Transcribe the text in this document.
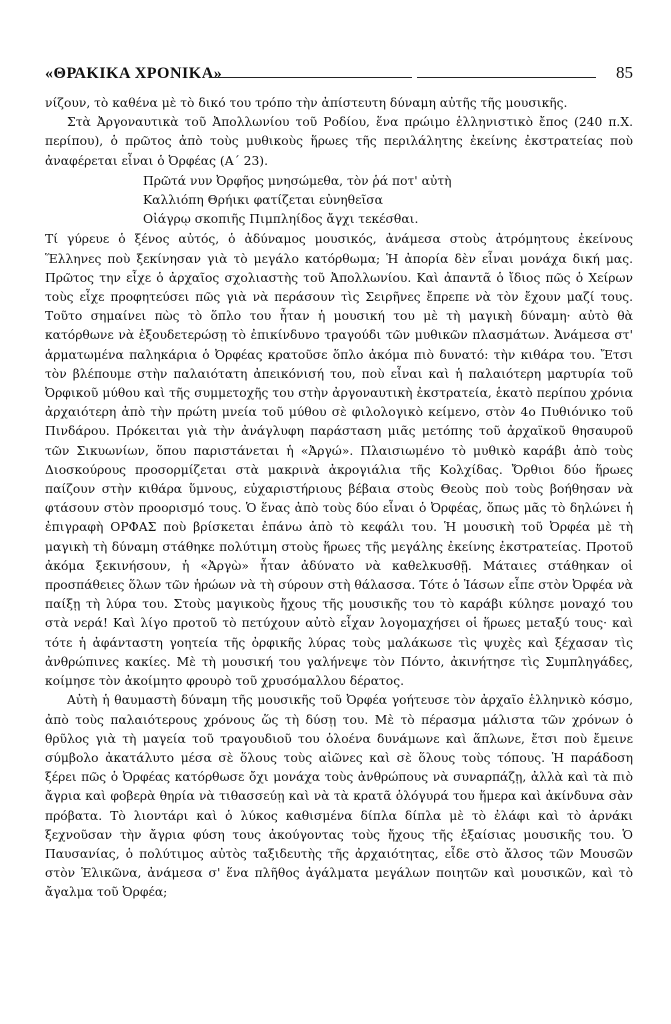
«ΘΡΑΚΙΚΑ ΧΡΟΝΙΚΑ»	85

νίζουν, τὸ καθένα μὲ τὸ δικό του τρόπο τὴν ἀπίστευτη δύναμη αὐτῆς τῆς μουσικῆς.

Στὰ Ἀργοναυτικὰ τοῦ Ἀπολλωνίου τοῦ Ροδίου, ἕνα πρώιμο ἑλληνιστικὸ ἔπος (240 π.Χ. περίπου), ὁ πρῶτος ἀπὸ τοὺς μυθικοὺς ἥρωες τῆς περιλάλητης ἐκείνης ἐκστρατείας ποὺ ἀναφέρεται εἶναι ὁ Ὀρφέας (Α΄ 23).

Πρῶτά νυν Ὀρφῆος μνησώμεθα, τὸν ῥά ποτ' αὐτὴ

Καλλιόπη Θρήικι φατίζεται εὐνηθεῖσα

Οἰάγρῳ σκοπιῆς Πιμπληίδος ἄγχι τεκέσθαι.

Τί γύρευε ὁ ξένος αὐτός, ὁ ἀδύναμος μουσικός, ἀνάμεσα στοὺς ἀτρόμητους ἐκείνους Ἕλληνες ποὺ ξεκίνησαν γιὰ τὸ μεγάλο κατόρθωμα; Ἡ ἀπορία δὲν εἶναι μονάχα δική μας. Πρῶτος την εἶχε ὁ ἀρχαῖος σχολιαστὴς τοῦ Ἀπολλωνίου. Καὶ ἀπαντᾶ ὁ ἴδιος πῶς ὁ Χείρων τοὺς εἶχε προφητεύσει πῶς γιὰ νὰ περάσουν τὶς Σειρῆνες ἔπρεπε νὰ τὸν ἔχουν μαζί τους. Τοῦτο σημαίνει πὼς τὸ ὅπλο του ἦταν ἡ μουσική του μὲ τὴ μαγικὴ δύναμη· αὐτὸ θὰ κατόρθωνε νὰ ἐξουδετερώσῃ τὸ ἐπικίνδυνο τραγούδι τῶν μυθικῶν πλασμάτων. Ἀνάμεσα στ' ἁρματωμένα παληκάρια ὁ Ὀρφέας κρατοῦσε ὅπλο ἀκόμα πιὸ δυνατό: τὴν κιθάρα του. Ἔτσι τὸν βλέπουμε στὴν παλαιότατη ἀπεικόνισή του, ποὺ εἶναι καὶ ἡ παλαιότερη μαρτυρία τοῦ Ὀρφικοῦ μύθου καὶ τῆς συμμετοχῆς του στὴν ἀργοναυτικὴ ἐκστρατεία, ἑκατὸ περίπου χρόνια ἀρχαιότερη ἀπὸ τὴν πρώτη μνεία τοῦ μύθου σὲ φιλολογικὸ κείμενο, στὸν 4ο Πυθιόνικο τοῦ Πινδάρου. Πρόκειται γιὰ τὴν ἀνάγλυφη παράσταση μιᾶς μετόπης τοῦ ἀρχαϊκοῦ θησαυροῦ τῶν Σικυωνίων, ὅπου παριστάνεται ἡ «Ἀργώ». Πλαισιωμένο τὸ μυθικὸ καράβι ἀπὸ τοὺς Διοσκούρους προσορμίζεται στὰ μακρινὰ ἀκρογιάλια τῆς Κολχίδας. Ὄρθιοι δύο ἥρωες παίζουν στὴν κιθάρα ὕμνους, εὐχαριστήριους βέβαια στοὺς Θεοὺς ποὺ τοὺς βοήθησαν νὰ φτάσουν στὸν προορισμό τους. Ὁ ἕνας ἀπὸ τοὺς δύο εἶναι ὁ Ὀρφέας, ὅπως μᾶς τὸ δηλώνει ἡ ἐπιγραφὴ ΟΡΦΑΣ ποὺ βρίσκεται ἐπάνω ἀπὸ τὸ κεφάλι του. Ἡ μουσικὴ τοῦ Ὀρφέα μὲ τὴ μαγικὴ τὴ δύναμη στάθηκε πολύτιμη στοὺς ἥρωες τῆς μεγάλης ἐκείνης ἐκστρατείας. Προτοῦ ἀκόμα ξεκινήσουν, ἡ «Ἀργὼ» ἦταν ἀδύνατο νὰ καθελκυσθῇ. Μάταιες στάθηκαν οἱ προσπάθειες ὅλων τῶν ἡρώων νὰ τὴ σύρουν στὴ θάλασσα. Τότε ὁ Ἰάσων εἶπε στὸν Ὀρφέα νὰ παίξῃ τὴ λύρα του. Στοὺς μαγικοὺς ἤχους τῆς μουσικῆς του τὸ καράβι κύλησε μοναχό του στὰ νερά! Καὶ λίγο προτοῦ τὸ πετύχουν αὐτὸ εἶχαν λογομαχήσει οἱ ἥρωες μεταξύ τους· καὶ τότε ἡ ἀφάνταστη γοητεία τῆς ὀρφικῆς λύρας τοὺς μαλάκωσε τὶς ψυχὲς καὶ ξέχασαν τὶς ἀνθρώπινες κακίες. Μὲ τὴ μουσική του γαλήνεψε τὸν Πόντο, ἀκινήτησε τὶς Συμπληγάδες, κοίμησε τὸν ἀκοίμητο φρουρὸ τοῦ χρυσόμαλλου δέρατος.

Αὐτὴ ἡ θαυμαστὴ δύναμη τῆς μουσικῆς τοῦ Ὀρφέα γοήτευσε τὸν ἀρχαῖο ἑλληνικὸ κόσμο, ἀπὸ τοὺς παλαιότερους χρόνους ὥς τὴ δύσῃ του. Μὲ τὸ πέρασμα μάλιστα τῶν χρόνων ὁ θρῦλος γιὰ τὴ μαγεία τοῦ τραγουδιοῦ του ὁλοένα δυνάμωνε καὶ ἅπλωνε, ἔτσι ποὺ ἔμεινε σύμβολο ἀκατάλυτο μέσα σὲ ὅλους τοὺς αἰῶνες καὶ σὲ ὅλους τοὺς τόπους. Ἡ παράδοση ξέρει πῶς ὁ Ὀρφέας κατόρθωσε ὄχι μονάχα τοὺς ἀνθρώπους νὰ συναρπάζῃ, ἀλλὰ καὶ τὰ πιὸ ἄγρια καὶ φοβερὰ θηρία νὰ τιθασσεύῃ καὶ νὰ τὰ κρατᾶ ὁλόγυρά του ἥμερα καὶ ἀκίνδυνα σὰν πρόβατα. Τὸ λιοντάρι καὶ ὁ λύκος καθισμένα δίπλα δίπλα μὲ τὸ ἐλάφι καὶ τὸ ἀρνάκι ξεχνοῦσαν τὴν ἄγρια φύση τους ἀκούγοντας τοὺς ἤχους τῆς ἐξαίσιας μουσικῆς του. Ὁ Παυσανίας, ὁ πολύτιμος αὐτὸς ταξιδευτὴς τῆς ἀρχαιότητας, εἶδε στὸ ἄλσος τῶν Μουσῶν στὸν Ἑλικῶνα, ἀνάμεσα σ' ἕνα πλῆθος ἀγάλματα μεγάλων ποιητῶν καὶ μουσικῶν, καὶ τὸ ἄγαλμα τοῦ Ὀρφέα;
